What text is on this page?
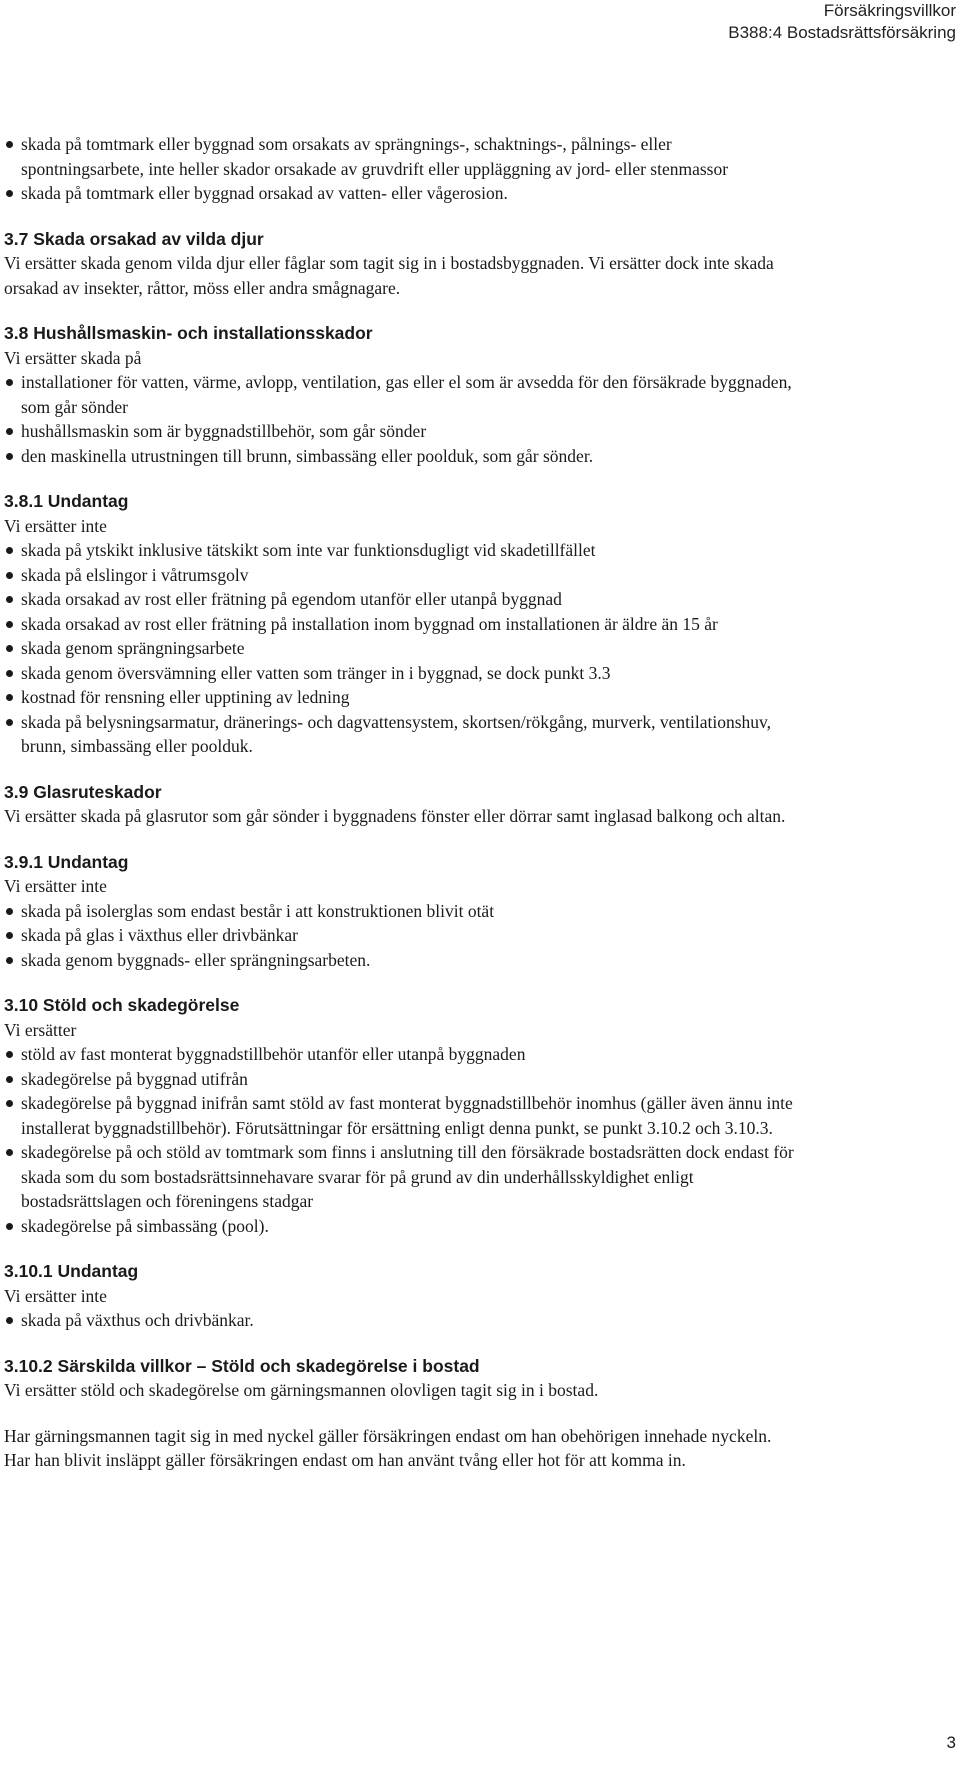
Försäkringsvillkor
B388:4 Bostadsrättsförsäkring
skada på tomtmark eller byggnad som orsakats av sprängnings-, schaktnings-, pålnings- eller spontningsarbete, inte heller skador orsakade av gruvdrift eller uppläggning av jord- eller stenmassor
skada på tomtmark eller byggnad orsakad av vatten- eller vågerosion.
3.7 Skada orsakad av vilda djur

Vi ersätter skada genom vilda djur eller fåglar som tagit sig in i bostadsbyggnaden. Vi ersätter dock inte skada orsakad av insekter, råttor, möss eller andra smågnagare.

3.8 Hushållsmaskin- och installationsskador

Vi ersätter skada på

installationer för vatten, värme, avlopp, ventilation, gas eller el som är avsedda för den försäkrade byggnaden, som går sönder
hushållsmaskin som är byggnadstillbehör, som går sönder
den maskinella utrustningen till brunn, simbassäng eller poolduk, som går sönder.
3.8.1 Undantag

Vi ersätter inte

skada på ytskikt inklusive tätskikt som inte var funktionsdugligt vid skadetillfället
skada på elslingor i våtrumsgolv
skada orsakad av rost eller frätning på egendom utanför eller utanpå byggnad
skada orsakad av rost eller frätning på installation inom byggnad om installationen är äldre än 15 år
skada genom sprängningsarbete
skada genom översvämning eller vatten som tränger in i byggnad, se dock punkt 3.3
kostnad för rensning eller upptining av ledning
skada på belysningsarmatur, dränerings- och dagvattensystem, skortsen/rökgång, murverk, ventilationshuv, brunn, simbassäng eller poolduk.
3.9 Glasruteskador

Vi ersätter skada på glasrutor som går sönder i byggnadens fönster eller dörrar samt inglasad balkong och altan.

3.9.1 Undantag

Vi ersätter inte

skada på isolerglas som endast består i att konstruktionen blivit otät
skada på glas i växthus eller drivbänkar
skada genom byggnads- eller sprängningsarbeten.
3.10 Stöld och skadegörelse

Vi ersätter

stöld av fast monterat byggnadstillbehör utanför eller utanpå byggnaden
skadegörelse på byggnad utifrån
skadegörelse på byggnad inifrån samt stöld av fast monterat byggnadstillbehör inomhus (gäller även ännu inte installerat byggnadstillbehör). Förutsättningar för ersättning enligt denna punkt, se punkt 3.10.2 och 3.10.3.
skadegörelse på och stöld av tomtmark som finns i anslutning till den försäkrade bostadsrätten dock endast för skada som du som bostadsrättsinnehavare svarar för på grund av din underhållsskyldighet enligt bostadsrättslagen och föreningens stadgar
skadegörelse på simbassäng (pool).
3.10.1 Undantag

Vi ersätter inte

skada på växthus och drivbänkar.
3.10.2 Särskilda villkor – Stöld och skadegörelse i bostad

Vi ersätter stöld och skadegörelse om gärningsmannen olovligen tagit sig in i bostad.

Har gärningsmannen tagit sig in med nyckel gäller försäkringen endast om han obehörigen innehade nyckeln. Har han blivit insläppt gäller försäkringen endast om han använt tvång eller hot för att komma in.

3
